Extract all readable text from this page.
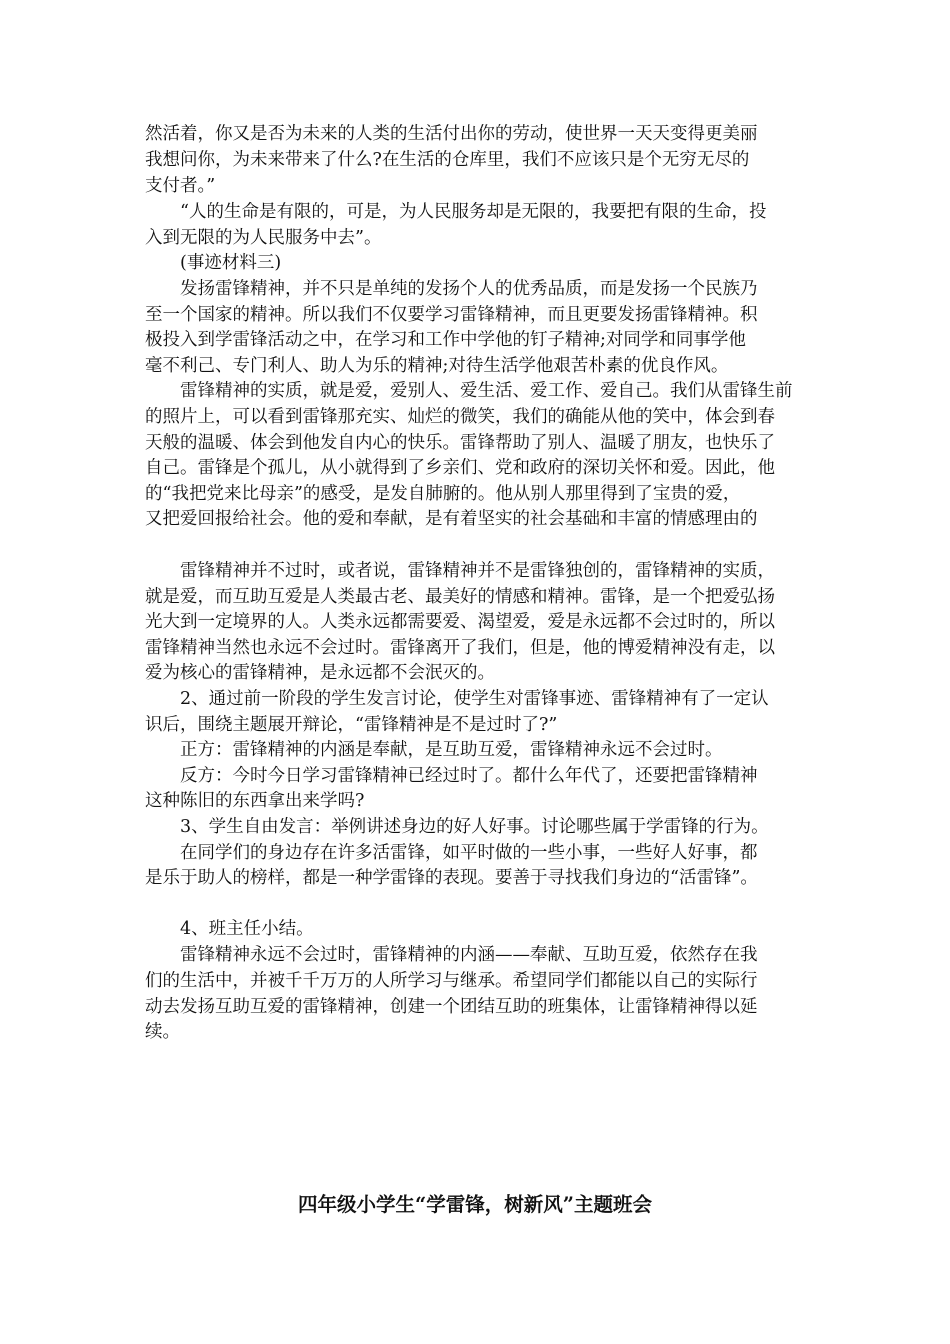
然活着，你又是否为未来的人类的生活付出你的劳动，使世界一天天变得更美丽
我想问你，为未来带来了什么?在生活的仓库里，我们不应该只是个无穷无尽的
支付者。”
　　“人的生命是有限的，可是，为人民服务却是无限的，我要把有限的生命，投
入到无限的为人民服务中去”。
　　(事迹材料三)
　　发扬雷锋精神，并不只是单纯的发扬个人的优秀品质，而是发扬一个民族乃
至一个国家的精神。所以我们不仅要学习雷锋精神，而且更要发扬雷锋精神。积
极投入到学雷锋活动之中，在学习和工作中学他的钉子精神;对同学和同事学他
毫不利己、专门利人、助人为乐的精神;对待生活学他艰苦朴素的优良作风。
　　雷锋精神的实质，就是爱，爱别人、爱生活、爱工作、爱自己。我们从雷锋生前
的照片上，可以看到雷锋那充实、灿烂的微笑，我们的确能从他的笑中，体会到春
天般的温暖、体会到他发自内心的快乐。雷锋帮助了别人、温暖了朋友，也快乐了
自己。雷锋是个孤儿，从小就得到了乡亲们、党和政府的深切关怀和爱。因此，他
的“我把党来比母亲”的感受，是发自肺腑的。他从别人那里得到了宝贵的爱，
又把爱回报给社会。他的爱和奉献，是有着坚实的社会基础和丰富的情感理由的
　　雷锋精神并不过时，或者说，雷锋精神并不是雷锋独创的，雷锋精神的实质，
就是爱，而互助互爱是人类最古老、最美好的情感和精神。雷锋，是一个把爱弘扬
光大到一定境界的人。人类永远都需要爱、渴望爱，爱是永远都不会过时的，所以
雷锋精神当然也永远不会过时。雷锋离开了我们，但是，他的博爱精神没有走，以
爱为核心的雷锋精神，是永远都不会泯灭的。
　　2、通过前一阶段的学生发言讨论，使学生对雷锋事迹、雷锋精神有了一定认
识后，围绕主题展开辩论，“雷锋精神是不是过时了?”
　　正方：雷锋精神的内涵是奉献，是互助互爱，雷锋精神永远不会过时。
　　反方：今时今日学习雷锋精神已经过时了。都什么年代了，还要把雷锋精神
这种陈旧的东西拿出来学吗?
　　3、学生自由发言：举例讲述身边的好人好事。讨论哪些属于学雷锋的行为。
　　在同学们的身边存在许多活雷锋，如平时做的一些小事，一些好人好事，都
是乐于助人的榜样，都是一种学雷锋的表现。要善于寻找我们身边的“活雷锋”。
　　4、班主任小结。
　　雷锋精神永远不会过时，雷锋精神的内涵——奉献、互助互爱，依然存在我
们的生活中，并被千千万万的人所学习与继承。希望同学们都能以自己的实际行
动去发扬互助互爱的雷锋精神，创建一个团结互助的班集体，让雷锋精神得以延
续。
四年级小学生“学雷锋，树新风”主题班会
